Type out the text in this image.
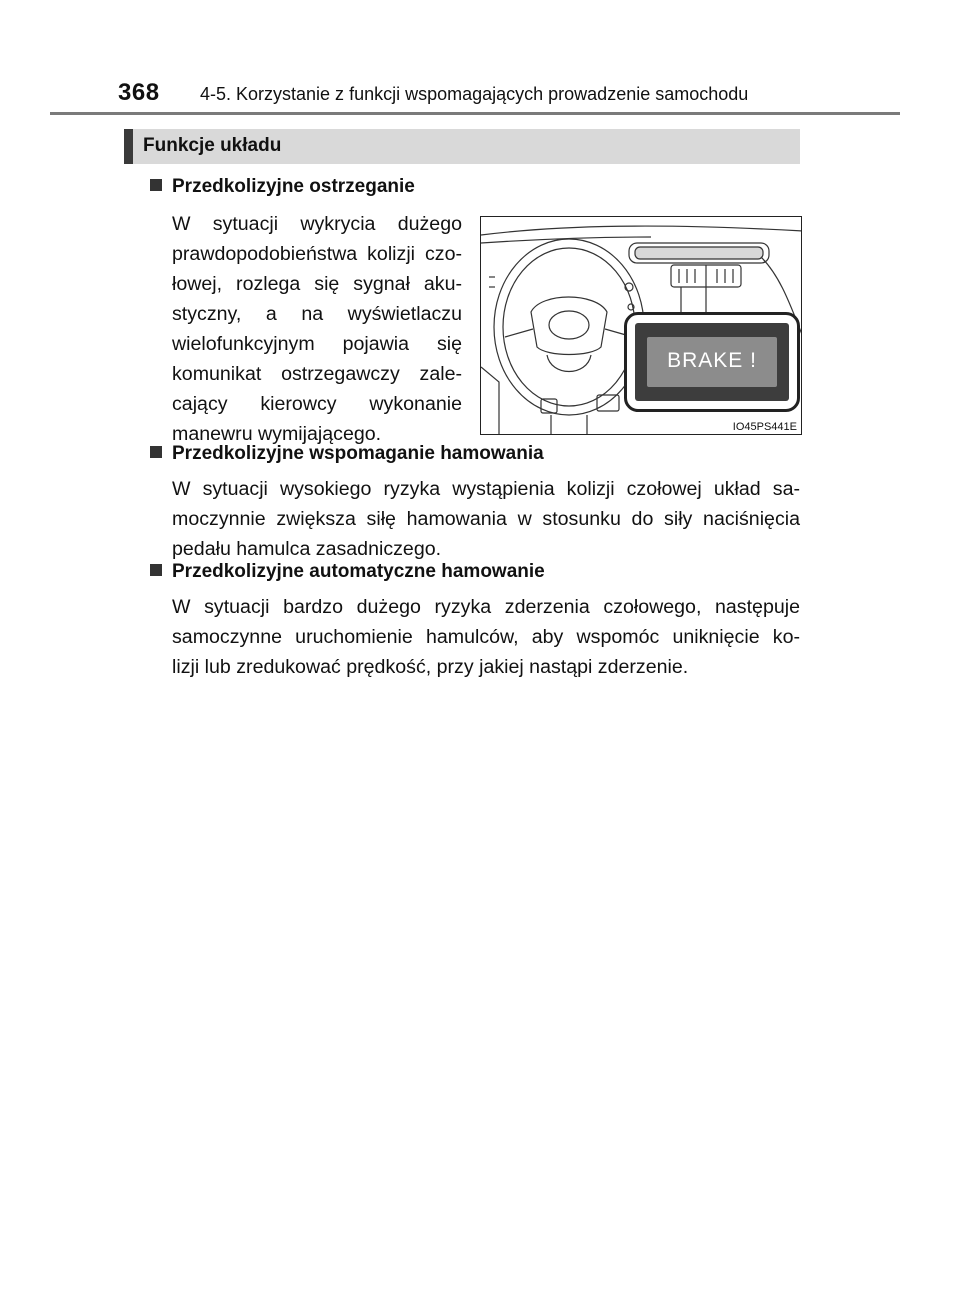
368 4-5. Korzystanie z funkcji wspomagających prowadzenie samochodu
Funkcje układu
Przedkolizyjne ostrzeganie
W sytuacji wykrycia dużego
prawdopodobieństwa kolizji czo-
łowej, rozlega się sygnał aku-
styczny, a na wyświetlaczu
wielofunkcyjnym pojawia się
komunikat ostrzegawczy zale-
cający kierowcy wykonanie
manewru wymijającego.	IO45PS441E
BRAKE !
Przedkolizyjne wspomaganie hamowania
W sytuacji wysokiego ryzyka wystąpienia kolizji czołowej układ sa-
moczynnie zwiększa siłę hamowania w stosunku do siły naciśnięcia
pedału hamulca zasadniczego.
Przedkolizyjne automatyczne hamowanie
W sytuacji bardzo dużego ryzyka zderzenia czołowego, następuje
samoczynne uruchomienie hamulców, aby wspomóc uniknięcie ko-
lizji lub zredukować prędkość, przy jakiej nastąpi zderzenie.
